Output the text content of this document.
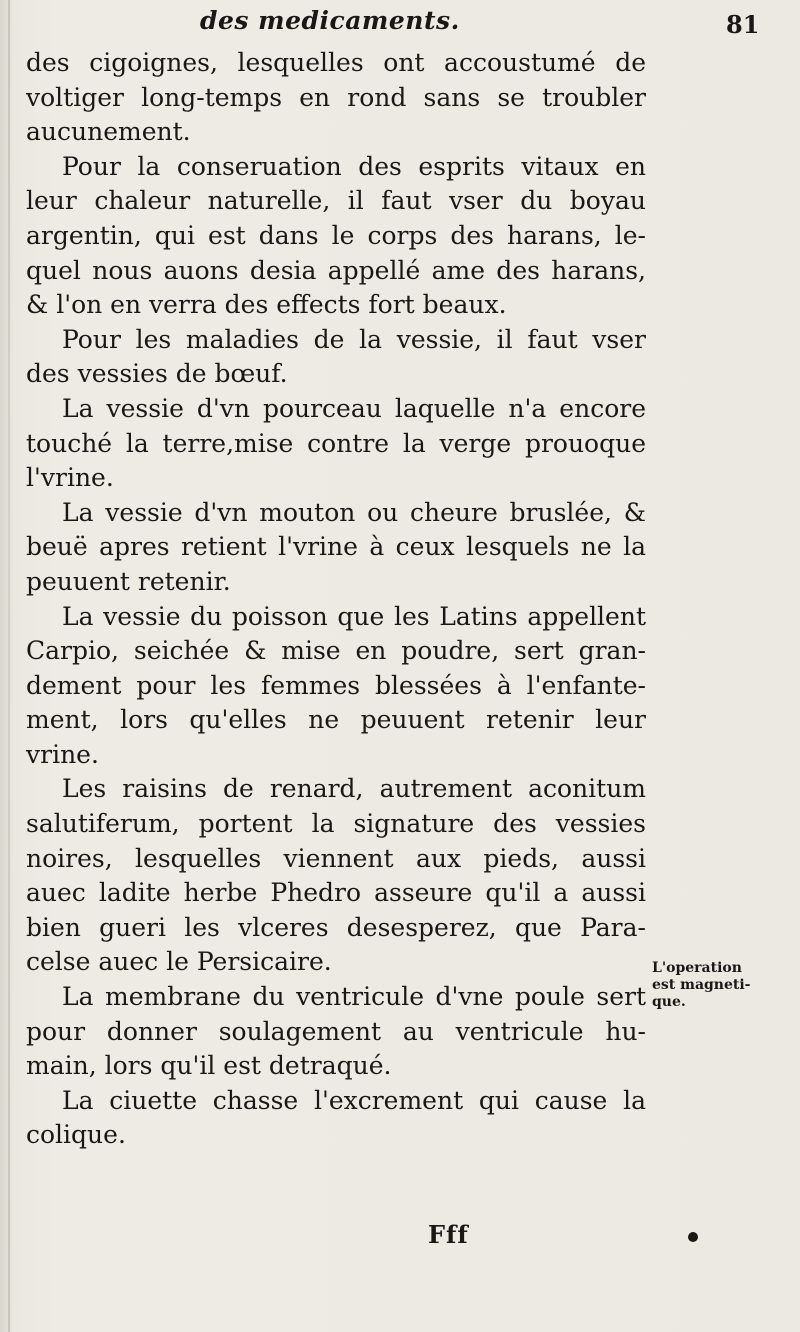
des medicaments.	81
des cigoignes, lesquelles ont accoustumé de
voltiger long-temps en rond sans se troubler
aucunement.
Pour la conseruation des esprits vitaux en
leur chaleur naturelle, il faut vser du boyau
argentin, qui est dans le corps des harans, le-
quel nous auons desia appellé ame des harans,
& l'on en verra des effects fort beaux.
Pour les maladies de la vessie, il faut vser
des vessies de bœuf.
La vessie d'vn pourceau laquelle n'a encore
touché la terre,mise contre la verge prouoque
l'vrine.
La vessie d'vn mouton ou cheure bruslée, &
beuë apres retient l'vrine à ceux lesquels ne la
peuuent retenir.
La vessie du poisson que les Latins appellent
Carpio, seichée & mise en poudre, sert gran-
dement pour les femmes blessées à l'enfante-
ment, lors qu'elles ne peuuent retenir leur
vrine.
Les raisins de renard, autrement aconitum
salutiferum, portent la signature des vessies
noires, lesquelles viennent aux pieds, aussi
auec ladite herbe Phedro asseure qu'il a aussi
bien gueri les vlceres desesperez, que Para-
celse auec le Persicaire.
La membrane du ventricule d'vne poule sert
pour donner soulagement au ventricule hu-
main, lors qu'il est detraqué.
La ciuette chasse l'excrement qui cause la
colique.
L'operation
est magneti-
que.
Fff
